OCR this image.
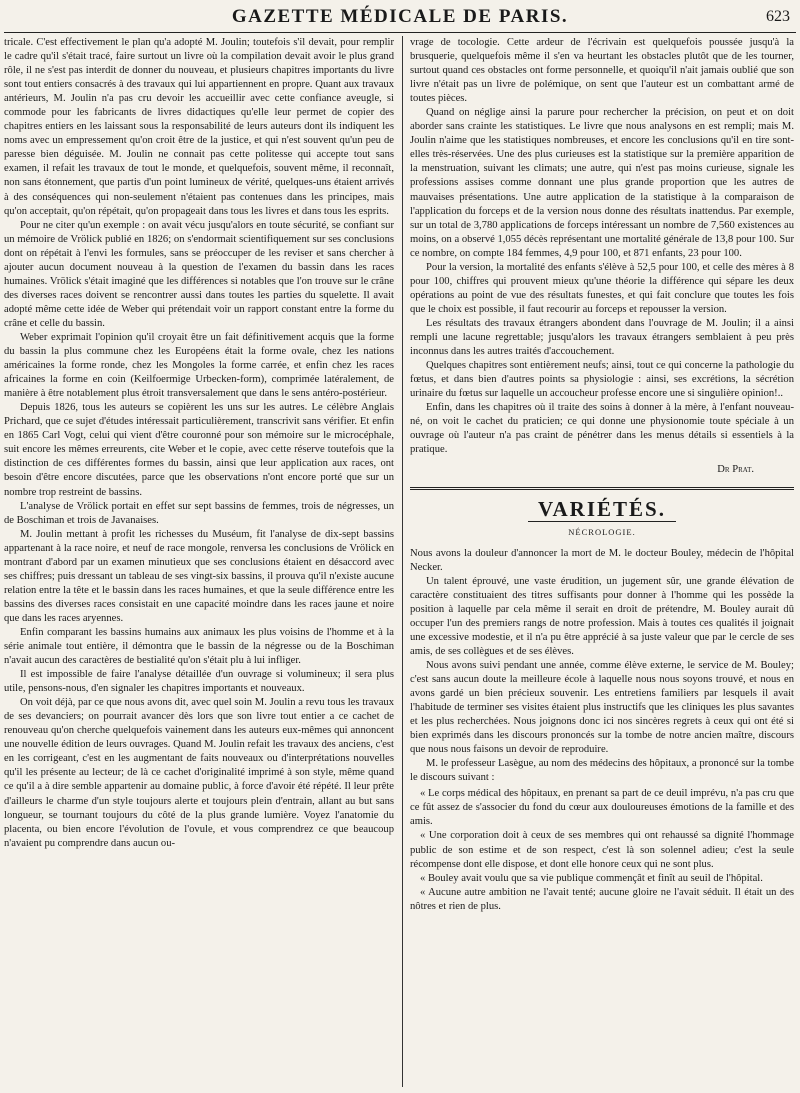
GAZETTE MÉDICALE DE PARIS.	623

tricale. C'est effectivement le plan qu'a adopté M. Joulin; toutefois s'il devait, pour remplir le cadre qu'il s'était tracé, faire surtout un livre où la compilation devait avoir le plus grand rôle, il ne s'est pas interdit de donner du nouveau, et plusieurs chapitres importants du livre sont tout entiers consacrés à des travaux qui lui appartiennent en propre. Quant aux travaux antérieurs, M. Joulin n'a pas cru devoir les accueillir avec cette confiance aveugle, si commode pour les fabricants de livres didactiques qu'elle leur permet de copier des chapitres entiers en les laissant sous la responsabilité de leurs auteurs dont ils indiquent les noms avec un empressement qu'on croit être de la justice, et qui n'est souvent qu'un peu de paresse bien déguisée. M. Joulin ne connait pas cette politesse qui accepte tout sans examen, il refait les travaux de tout le monde, et quelquefois, souvent même, il reconnaît, non sans étonnement, que partis d'un point lumineux de vérité, quelques-uns étaient arrivés à des conséquences qui non-seulement n'étaient pas contenues dans les principes, mais qu'on acceptait, qu'on répétait, qu'on propageait dans tous les livres et dans tous les esprits.

Pour ne citer qu'un exemple : on avait vécu jusqu'alors en toute sécurité, se confiant sur un mémoire de Vrölick publié en 1826; on s'endormait scientifiquement sur ses conclusions dont on répétait à l'envi les formules, sans se préoccuper de les reviser et sans chercher à ajouter aucun document nouveau à la question de l'examen du bassin dans les races humaines. Vrölick s'était imaginé que les différences si notables que l'on trouve sur le crâne des diverses races doivent se rencontrer aussi dans toutes les parties du squelette. Il avait adopté même cette idée de Weber qui prétendait voir un rapport constant entre la forme du crâne et celle du bassin.

Weber exprimait l'opinion qu'il croyait être un fait définitivement acquis que la forme du bassin la plus commune chez les Européens était la forme ovale, chez les nations américaines la forme ronde, chez les Mongoles la forme carrée, et enfin chez les races africaines la forme en coin (Keilfoermige Urbecken-form), comprimée latéralement, de manière à être notablement plus étroit transversalement que dans le sens antéro-postérieur.

Depuis 1826, tous les auteurs se copièrent les uns sur les autres. Le célèbre Anglais Prichard, que ce sujet d'études intéressait particulièrement, transcrivit sans vérifier. Et enfin en 1865 Carl Vogt, celui qui vient d'être couronné pour son mémoire sur le microcéphale, suit encore les mêmes erreurents, cite Weber et le copie, avec cette réserve toutefois que la distinction de ces différentes formes du bassin, ainsi que leur application aux races, ont besoin d'être encore discutées, parce que les observations n'ont encore porté que sur un nombre trop restreint de bassins.

L'analyse de Vrölick portait en effet sur sept bassins de femmes, trois de négresses, un de Boschiman et trois de Javanaises.

M. Joulin mettant à profit les richesses du Muséum, fit l'analyse de dix-sept bassins appartenant à la race noire, et neuf de race mongole, renversa les conclusions de Vrölick en montrant d'abord par un examen minutieux que ses conclusions étaient en désaccord avec ses chiffres; puis dressant un tableau de ses vingt-six bassins, il prouva qu'il n'existe aucune relation entre la tête et le bassin dans les races humaines, et que la seule différence entre les bassins des diverses races consistait en une capacité moindre dans les races jaune et noire que dans les races aryennes.

Enfin comparant les bassins humains aux animaux les plus voisins de l'homme et à la série animale tout entière, il démontra que le bassin de la négresse ou de la Boschiman n'avait aucun des caractères de bestialité qu'on s'était plu à lui infliger.

Il est impossible de faire l'analyse détaillée d'un ouvrage si volumineux; il sera plus utile, pensons-nous, d'en signaler les chapitres importants et nouveaux.

On voit déjà, par ce que nous avons dit, avec quel soin M. Joulin a revu tous les travaux de ses devanciers; on pourrait avancer dès lors que son livre tout entier a ce cachet de renouveau qu'on cherche quelquefois vainement dans les auteurs eux-mêmes qui annoncent une nouvelle édition de leurs ouvrages. Quand M. Joulin refait les travaux des anciens, c'est en les corrigeant, c'est en les augmentant de faits nouveaux ou d'interprétations nouvelles qu'il les présente au lecteur; de là ce cachet d'originalité imprimé à son style, même quand ce qu'il a à dire semble appartenir au domaine public, à force d'avoir été répété. Il leur prête d'ailleurs le charme d'un style toujours alerte et toujours plein d'entrain, allant au but sans longueur, se tournant toujours du côté de la plus grande lumière. Voyez l'anatomie du placenta, ou bien encore l'évolution de l'ovule, et vous comprendrez ce que beaucoup n'avaient pu comprendre dans aucun ou-

vrage de tocologie. Cette ardeur de l'écrivain est quelquefois poussée jusqu'à la brusquerie, quelquefois même il s'en va heurtant les obstacles plutôt que de les tourner, surtout quand ces obstacles ont forme personnelle, et quoiqu'il n'ait jamais oublié que son livre n'était pas un livre de polémique, on sent que l'auteur est un combattant armé de toutes pièces.

Quand on néglige ainsi la parure pour rechercher la précision, on peut et on doit aborder sans crainte les statistiques. Le livre que nous analysons en est rempli; mais M. Joulin n'aime que les statistiques nombreuses, et encore les conclusions qu'il en tire sont-elles très-réservées. Une des plus curieuses est la statistique sur la première apparition de la menstruation, suivant les climats; une autre, qui n'est pas moins curieuse, signale les professions assises comme donnant une plus grande proportion que les autres de mauvaises présentations. Une autre application de la statistique à la comparaison de l'application du forceps et de la version nous donne des résultats inattendus. Par exemple, sur un total de 3,780 applications de forceps intéressant un nombre de 7,560 existences au moins, on a observé 1,055 décès représentant une mortalité générale de 13,8 pour 100. Sur ce nombre, on compte 184 femmes, 4,9 pour 100, et 871 enfants, 23 pour 100.

Pour la version, la mortalité des enfants s'élève à 52,5 pour 100, et celle des mères à 8 pour 100, chiffres qui prouvent mieux qu'une théorie la différence qui sépare les deux opérations au point de vue des résultats funestes, et qui fait conclure que toutes les fois que le choix est possible, il faut recourir au forceps et repousser la version.

Les résultats des travaux étrangers abondent dans l'ouvrage de M. Joulin; il a ainsi rempli une lacune regrettable; jusqu'alors les travaux étrangers semblaient à peu près inconnus dans les autres traités d'accouchement.

Quelques chapitres sont entièrement neufs; ainsi, tout ce qui concerne la pathologie du fœtus, et dans bien d'autres points sa physiologie : ainsi, ses excrétions, la sécrétion urinaire du fœtus sur laquelle un accoucheur professe encore une si singulière opinion!..

Enfin, dans les chapitres où il traite des soins à donner à la mère, à l'enfant nouveau-né, on voit le cachet du praticien; ce qui donne une physionomie toute spéciale à un ouvrage où l'auteur n'a pas craint de pénétrer dans les menus détails si essentiels à la pratique.

Dr Prat.
VARIÉTÉS.
NÉCROLOGIE.

Nous avons la douleur d'annoncer la mort de M. le docteur Bouley, médecin de l'hôpital Necker.

Un talent éprouvé, une vaste érudition, un jugement sûr, une grande élévation de caractère constituaient des titres suffisants pour donner à l'homme qui les possède la position à laquelle par cela même il serait en droit de prétendre, M. Bouley aurait dû occuper l'un des premiers rangs de notre profession. Mais à toutes ces qualités il joignait une excessive modestie, et il n'a pu être apprécié à sa juste valeur que par le cercle de ses amis, de ses collègues et de ses élèves.

Nous avons suivi pendant une année, comme élève externe, le service de M. Bouley; c'est sans aucun doute la meilleure école à laquelle nous nous soyons trouvé, et nous en avons gardé un bien précieux souvenir. Les entretiens familiers par lesquels il avait l'habitude de terminer ses visites étaient plus instructifs que les cliniques les plus savantes et les plus recherchées. Nous joignons donc ici nos sincères regrets à ceux qui ont été si bien exprimés dans les discours prononcés sur la tombe de notre ancien maître, discours que nous nous faisons un devoir de reproduire.

M. le professeur Lasègue, au nom des médecins des hôpitaux, a prononcé sur la tombe le discours suivant :

« Le corps médical des hôpitaux, en prenant sa part de ce deuil imprévu, n'a pas cru que ce fût assez de s'associer du fond du cœur aux douloureuses émotions de la famille et des amis.

« Une corporation doit à ceux de ses membres qui ont rehaussé sa dignité l'hommage public de son estime et de son respect, c'est là son solennel adieu; c'est la seule récompense dont elle dispose, et dont elle honore ceux qui ne sont plus.

« Bouley avait voulu que sa vie publique commençât et finît au seuil de l'hôpital.

« Aucune autre ambition ne l'avait tenté; aucune gloire ne l'avait séduit. Il était un des nôtres et rien de plus.
